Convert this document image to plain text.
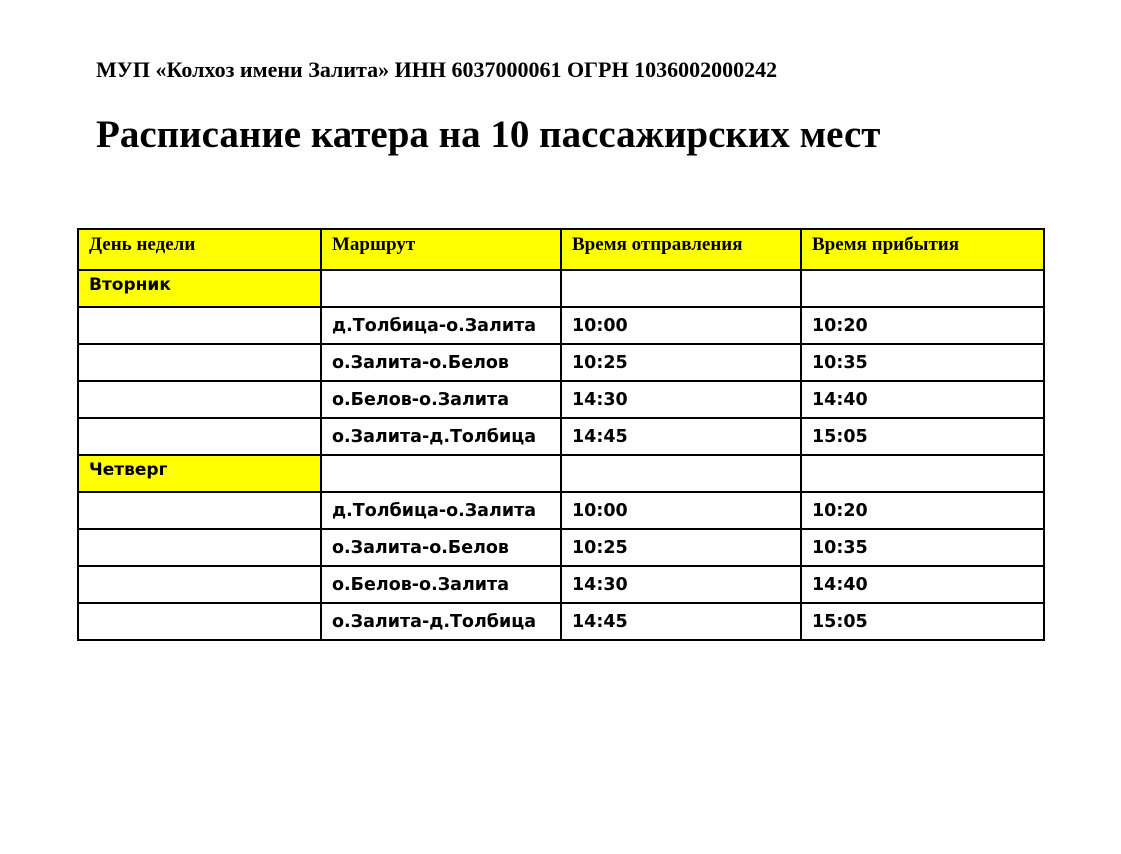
МУП «Колхоз имени Залита» ИНН 6037000061 ОГРН 1036002000242
Расписание катера на 10 пассажирских мест
День недели	Маршрут	Время отправления	Время прибытия
Вторник			
	д.Толбица-о.Залита	10:00	10:20
	о.Залита-о.Белов	10:25	10:35
	о.Белов-о.Залита	14:30	14:40
	о.Залита-д.Толбица	14:45	15:05
Четверг			
	д.Толбица-о.Залита	10:00	10:20
	о.Залита-о.Белов	10:25	10:35
	о.Белов-о.Залита	14:30	14:40
	о.Залита-д.Толбица	14:45	15:05
